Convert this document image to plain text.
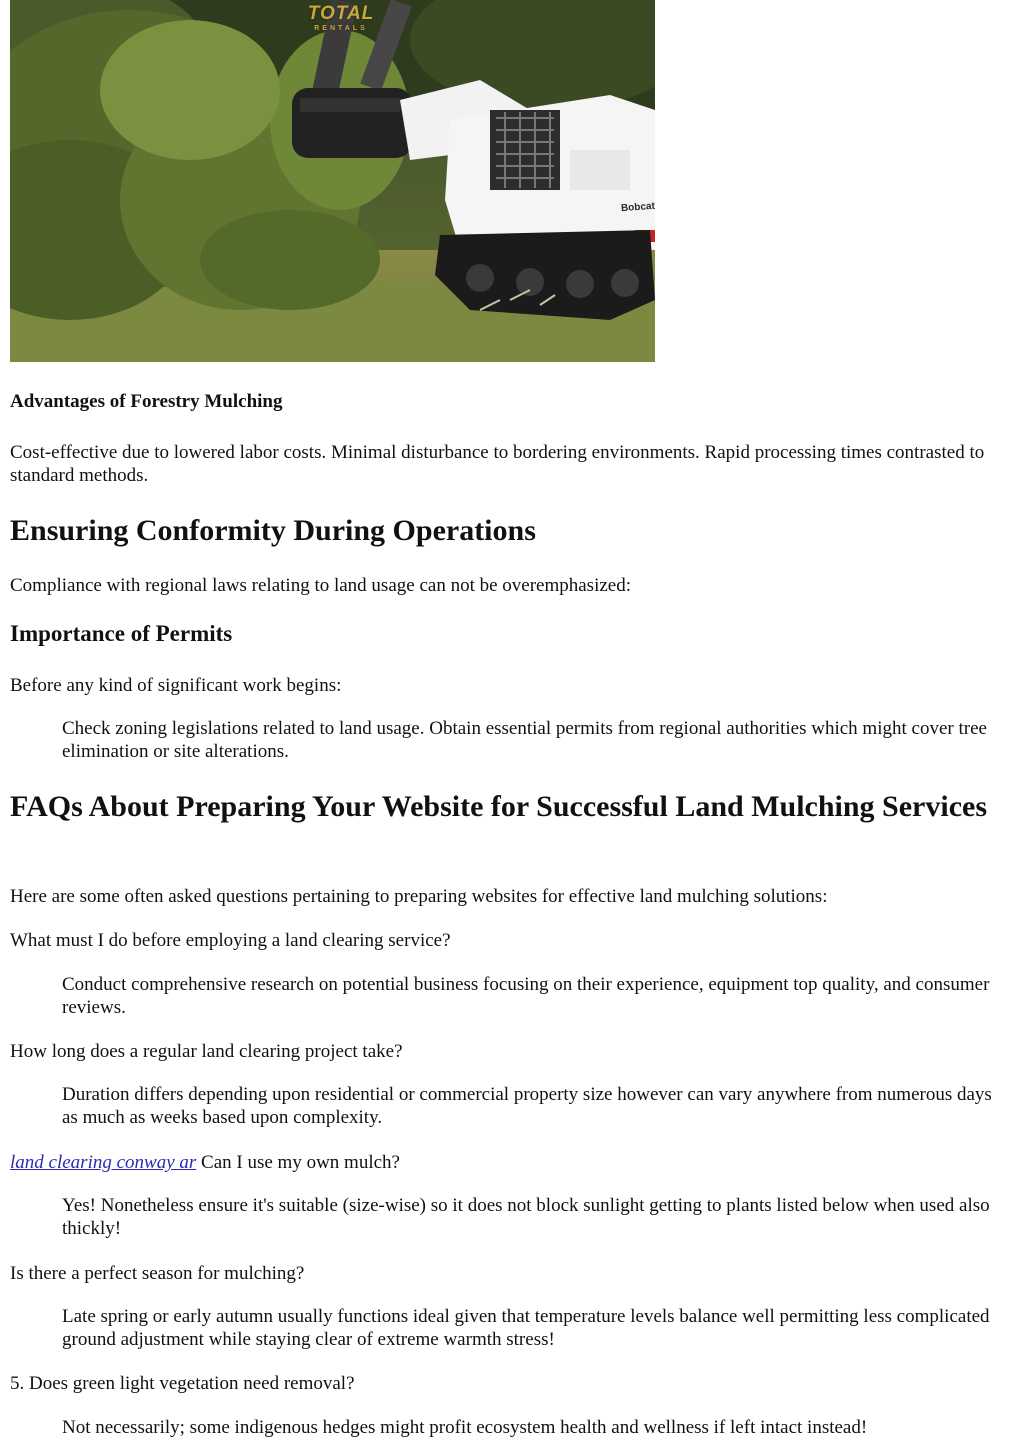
TOTAL
RENTALS
Bobcat

Advantages of Forestry Mulching

Cost-effective due to lowered labor costs. Minimal disturbance to bordering environments. Rapid processing times contrasted to standard methods.

Ensuring Conformity During Operations

Compliance with regional laws relating to land usage can not be overemphasized:

Importance of Permits

Before any kind of significant work begins:

Check zoning legislations related to land usage. Obtain essential permits from regional authorities which might cover tree elimination or site alterations.

FAQs About Preparing Your Website for Successful Land Mulching Services

Here are some often asked questions pertaining to preparing websites for effective land mulching solutions:

What must I do before employing a land clearing service?

Conduct comprehensive research on potential business focusing on their experience, equipment top quality, and consumer reviews.

How long does a regular land clearing project take?

Duration differs depending upon residential or commercial property size however can vary anywhere from numerous days as much as weeks based upon complexity.

land clearing conway ar Can I use my own mulch?

Yes! Nonetheless ensure it's suitable (size-wise) so it does not block sunlight getting to plants listed below when used also thickly!

Is there a perfect season for mulching?

Late spring or early autumn usually functions ideal given that temperature levels balance well permitting less complicated ground adjustment while staying clear of extreme warmth stress!

5. Does green light vegetation need removal?

Not necessarily; some indigenous hedges might profit ecosystem health and wellness if left intact instead!
